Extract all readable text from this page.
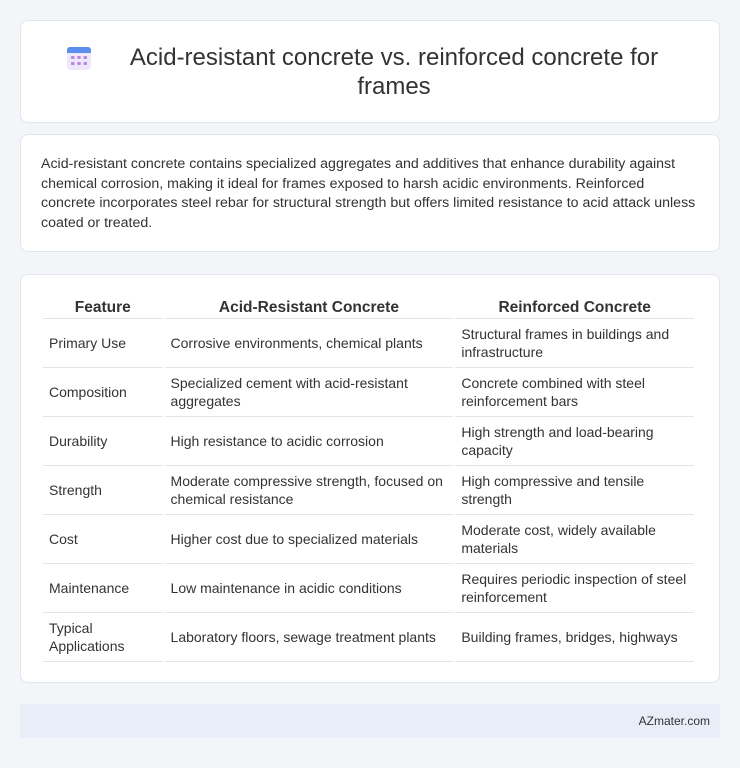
Acid-resistant concrete vs. reinforced concrete for frames

Acid-resistant concrete contains specialized aggregates and additives that enhance durability against chemical corrosion, making it ideal for frames exposed to harsh acidic environments. Reinforced concrete incorporates steel rebar for structural strength but offers limited resistance to acid attack unless coated or treated.

Feature	Acid-Resistant Concrete	Reinforced Concrete
Primary Use	Corrosive environments, chemical plants	Structural frames in buildings and infrastructure
Composition	Specialized cement with acid-resistant aggregates	Concrete combined with steel reinforcement bars
Durability	High resistance to acidic corrosion	High strength and load-bearing capacity
Strength	Moderate compressive strength, focused on chemical resistance	High compressive and tensile strength
Cost	Higher cost due to specialized materials	Moderate cost, widely available materials
Maintenance	Low maintenance in acidic conditions	Requires periodic inspection of steel reinforcement
Typical Applications	Laboratory floors, sewage treatment plants	Building frames, bridges, highways
AZmater.com
